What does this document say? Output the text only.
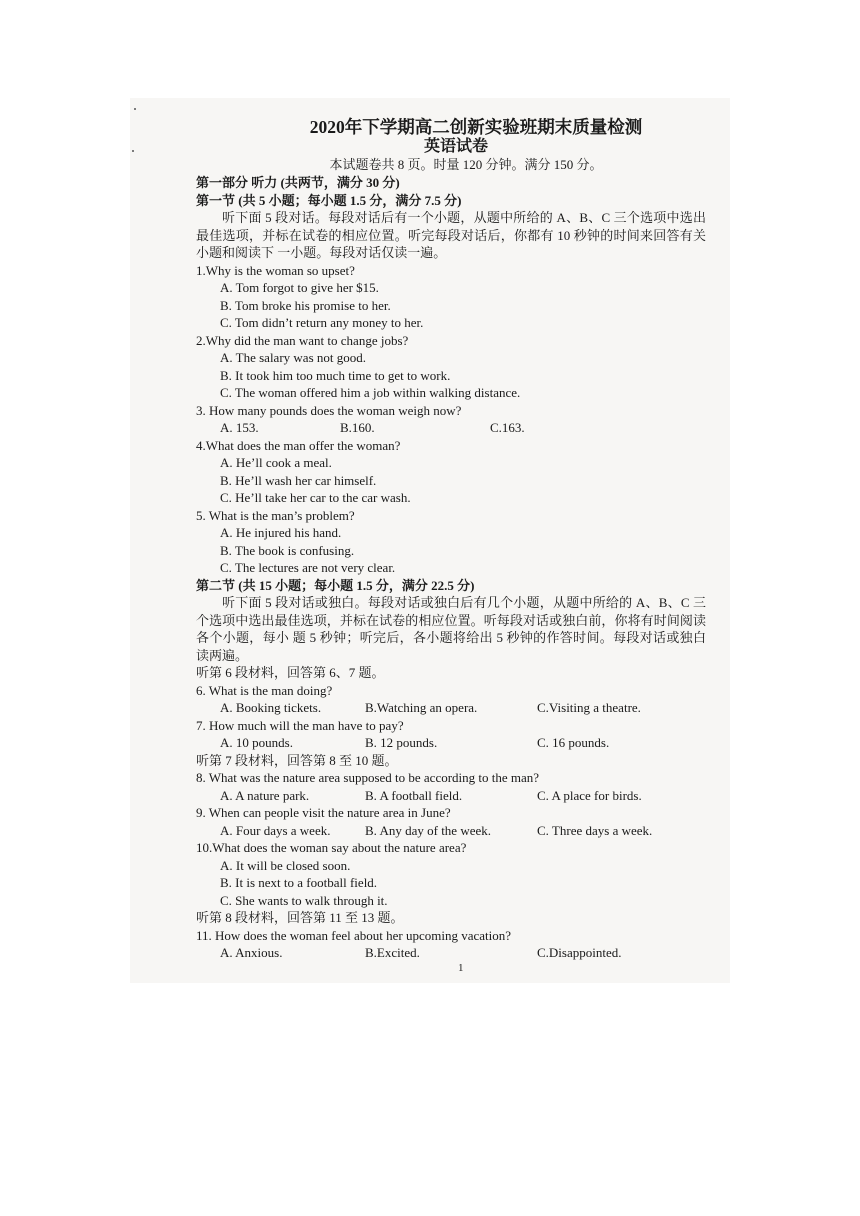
2020年下学期高二创新实验班期末质量检测
英语试卷
本试题卷共 8 页。时量 120 分钟。满分 150 分。
第一部分 听力 (共两节，满分 30 分)
第一节 (共 5 小题；每小题 1.5 分，满分 7.5 分)
听下面 5 段对话。每段对话后有一个小题，从题中所给的 A、B、C 三个选项中选出最佳选项，并标在试卷的相应位置。听完每段对话后，你都有 10 秒钟的时间来回答有关小题和阅读下 一小题。每段对话仅读一遍。
1.Why is the woman so upset?
A. Tom forgot to give her $15.
B. Tom broke his promise to her.
C. Tom didn’t return any money to her.
2.Why did the man want to change jobs?
A. The salary was not good.
B. It took him too much time to get to work.
C. The woman offered him a job within walking distance.
3. How many pounds does the woman weigh now?
A. 153.	B.160.	C.163.
4.What does the man offer the woman?
A. He’ll cook a meal.
B. He’ll wash her car himself.
C. He’ll take her car to the car wash.
5. What is the man’s problem?
A. He injured his hand.
B. The book is confusing.
C. The lectures are not very clear.
第二节 (共 15 小题；每小题 1.5 分，满分 22.5 分)
听下面 5 段对话或独白。每段对话或独白后有几个小题，从题中所给的 A、B、C 三个选项中选出最佳选项，并标在试卷的相应位置。听每段对话或独白前，你将有时间阅读各个小题，每小 题 5 秒钟；听完后，各小题将给出 5 秒钟的作答时间。每段对话或独白读两遍。
听第 6 段材料，回答第 6、7 题。
6. What is the man doing?
A. Booking tickets.	B.Watching an opera.	C.Visiting a theatre.
7. How much will the man have to pay?
A. 10 pounds.	B. 12 pounds.	C. 16 pounds.
听第 7 段材料，回答第 8 至 10 题。
8. What was the nature area supposed to be according to the man?
A. A nature park.	B. A football field.	C. A place for birds.
9. When can people visit the nature area in June?
A. Four days a week.	B. Any day of the week.	C. Three days a week.
10.What does the woman say about the nature area?
A. It will be closed soon.
B. It is next to a football field.
C. She wants to walk through it.
听第 8 段材料，回答第 11 至 13 题。
11. How does the woman feel about her upcoming vacation?
A. Anxious.	B.Excited.	C.Disappointed.
1
